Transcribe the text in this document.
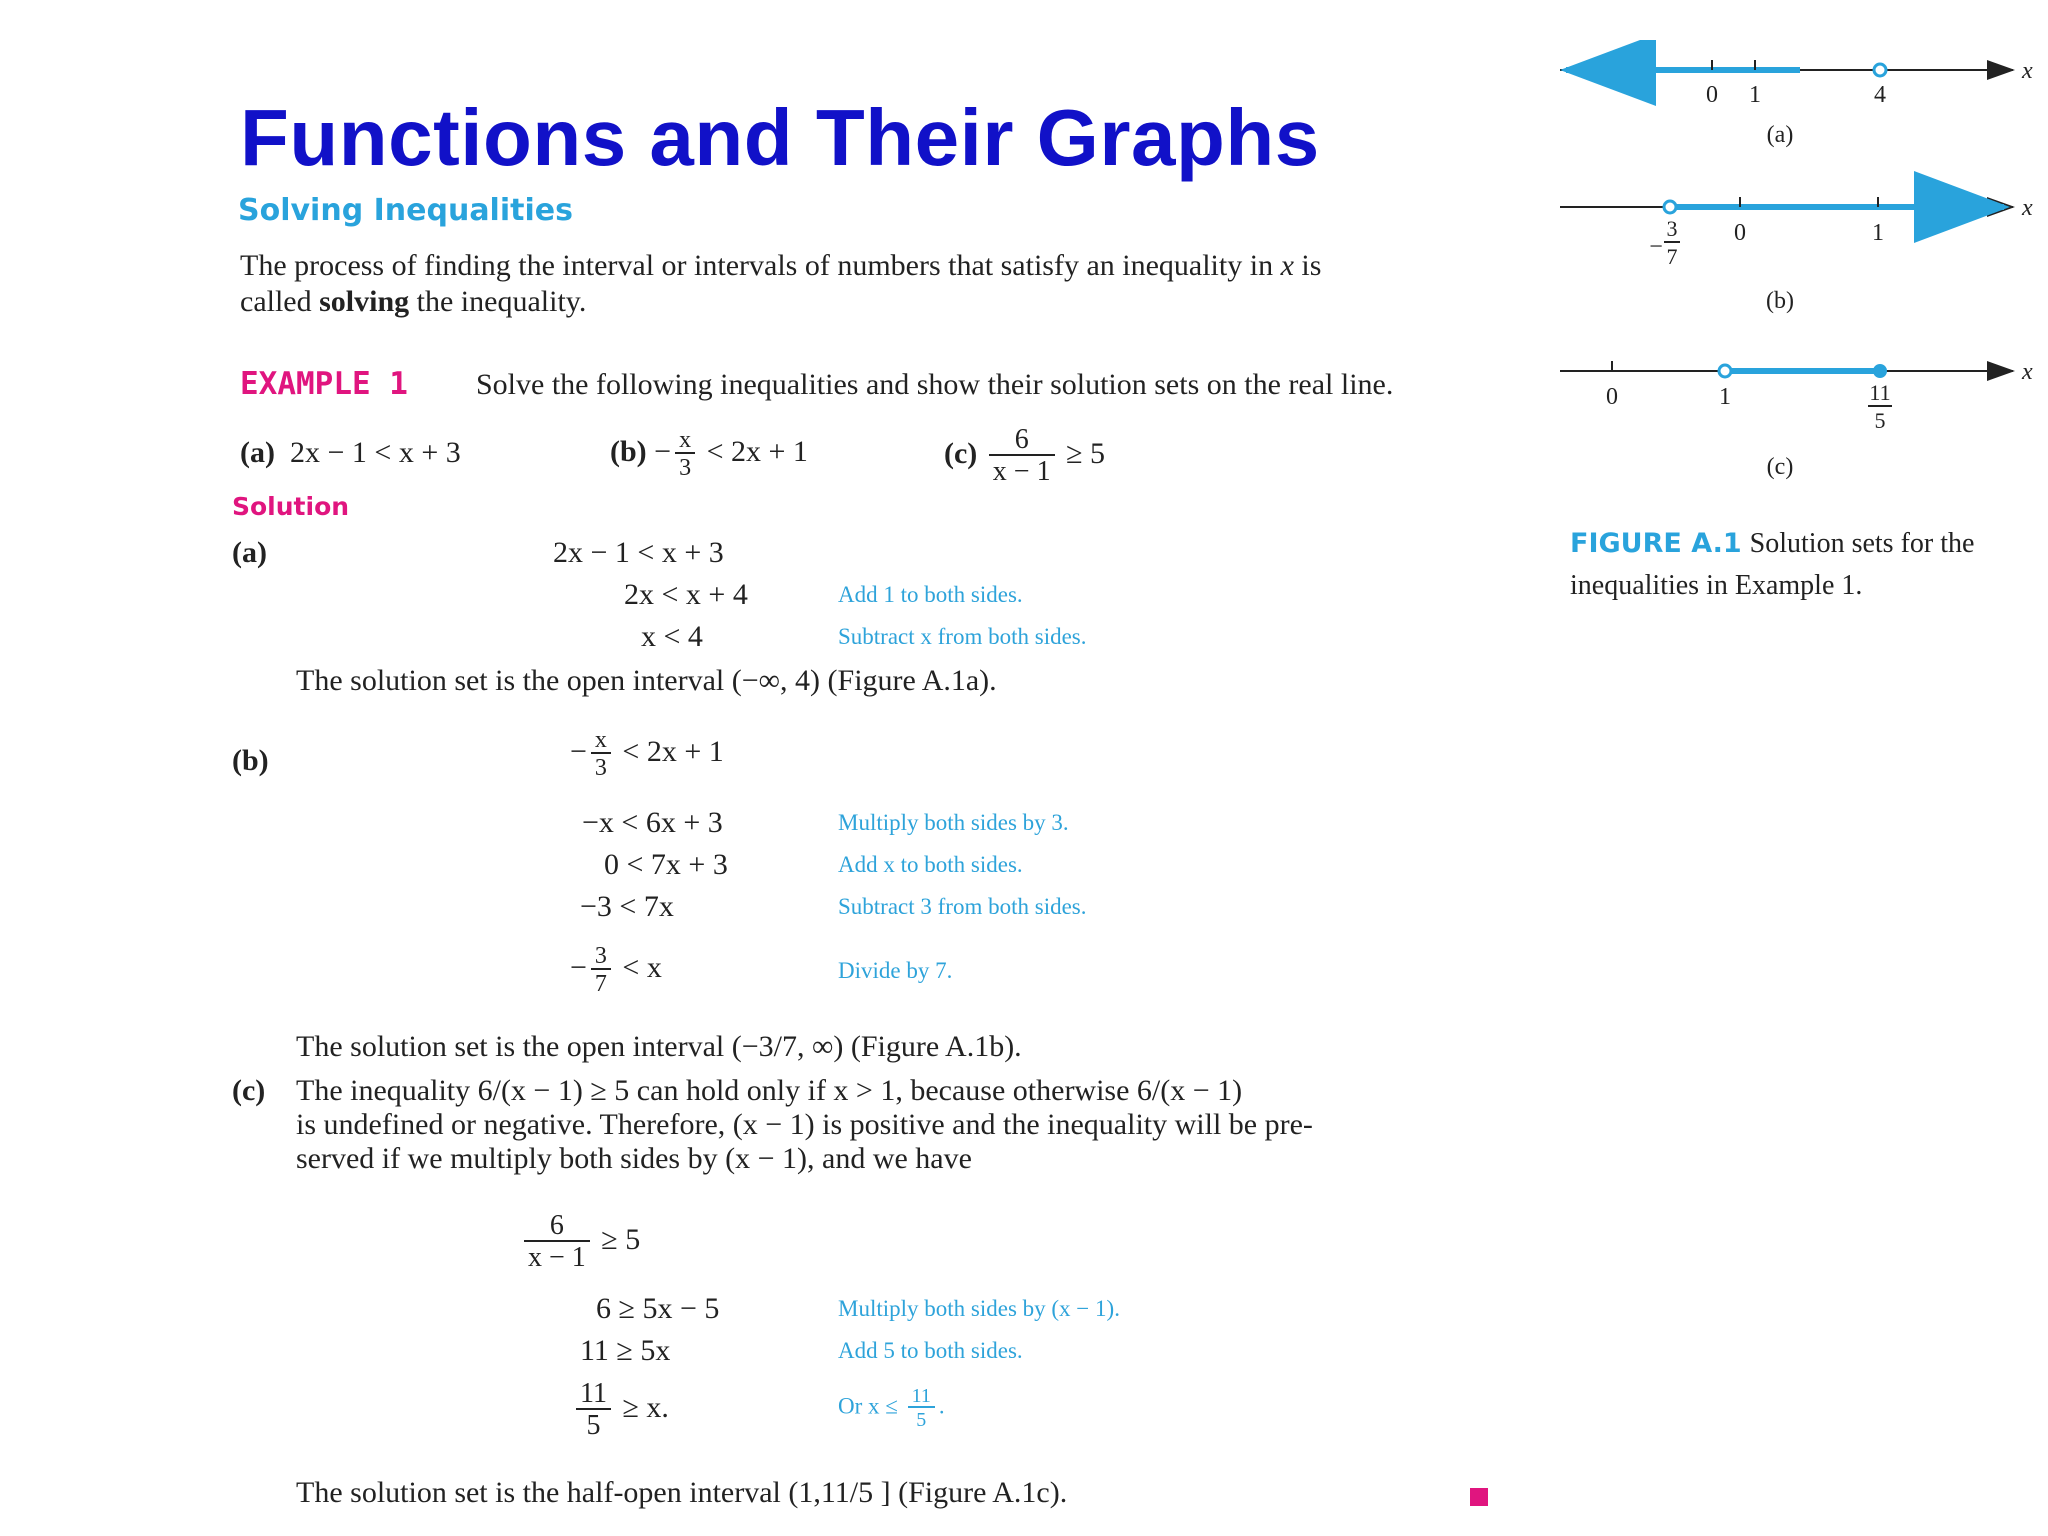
Functions and Their Graphs
Solving Inequalities
The process of finding the interval or intervals of numbers that satisfy an inequality in x is
called solving the inequality.
EXAMPLE 1 Solve the following inequalities and show their solution sets on the real line.
(a) 2x − 1 < x + 3	$(b) - \frac{x}{3} < 2x + 1$	$(c) \frac{6}{x - 1} \ge 5$
Solution
(a)	2x − 1 < x + 3
2x < x + 4	Add 1 to both sides.
x < 4	Subtract x from both sides.
The solution set is the open interval (−∞, 4) (Figure A.1a).
(b)	− $\frac{x}{3} < 2x + 1$
−x < 6x + 3	Multiply both sides by 3.
0 < 7x + 3	Add x to both sides.
−3 < 7x	Subtract 3 from both sides.
− $\frac{3}{7} < x$	Divide by 7.
The solution set is the open interval (−3/7, ∞) (Figure A.1b).
(c) The inequality 6/(x − 1) ≥ 5 can hold only if x > 1, because otherwise 6/(x − 1)
is undefined or negative. Therefore, (x − 1) is positive and the inequality will be pre-
served if we multiply both sides by (x − 1), and we have
$\frac{6}{x - 1} \ge 5$
6 ≥ 5x − 5	Multiply both sides by (x − 1).
11 ≥ 5x	Add 5 to both sides.
$\frac{11}{5} \ge x$.	Or $x \le \frac{11}{5}$ .
The solution set is the half-open interval (1,11/5 ] (Figure A.1c).
x
0 1	4
(a)
x
−
3
7
0	1
(b)
x
0	1	11
5
(c)
FIGURE A.1 Solution sets for the
inequalities in Example 1.
